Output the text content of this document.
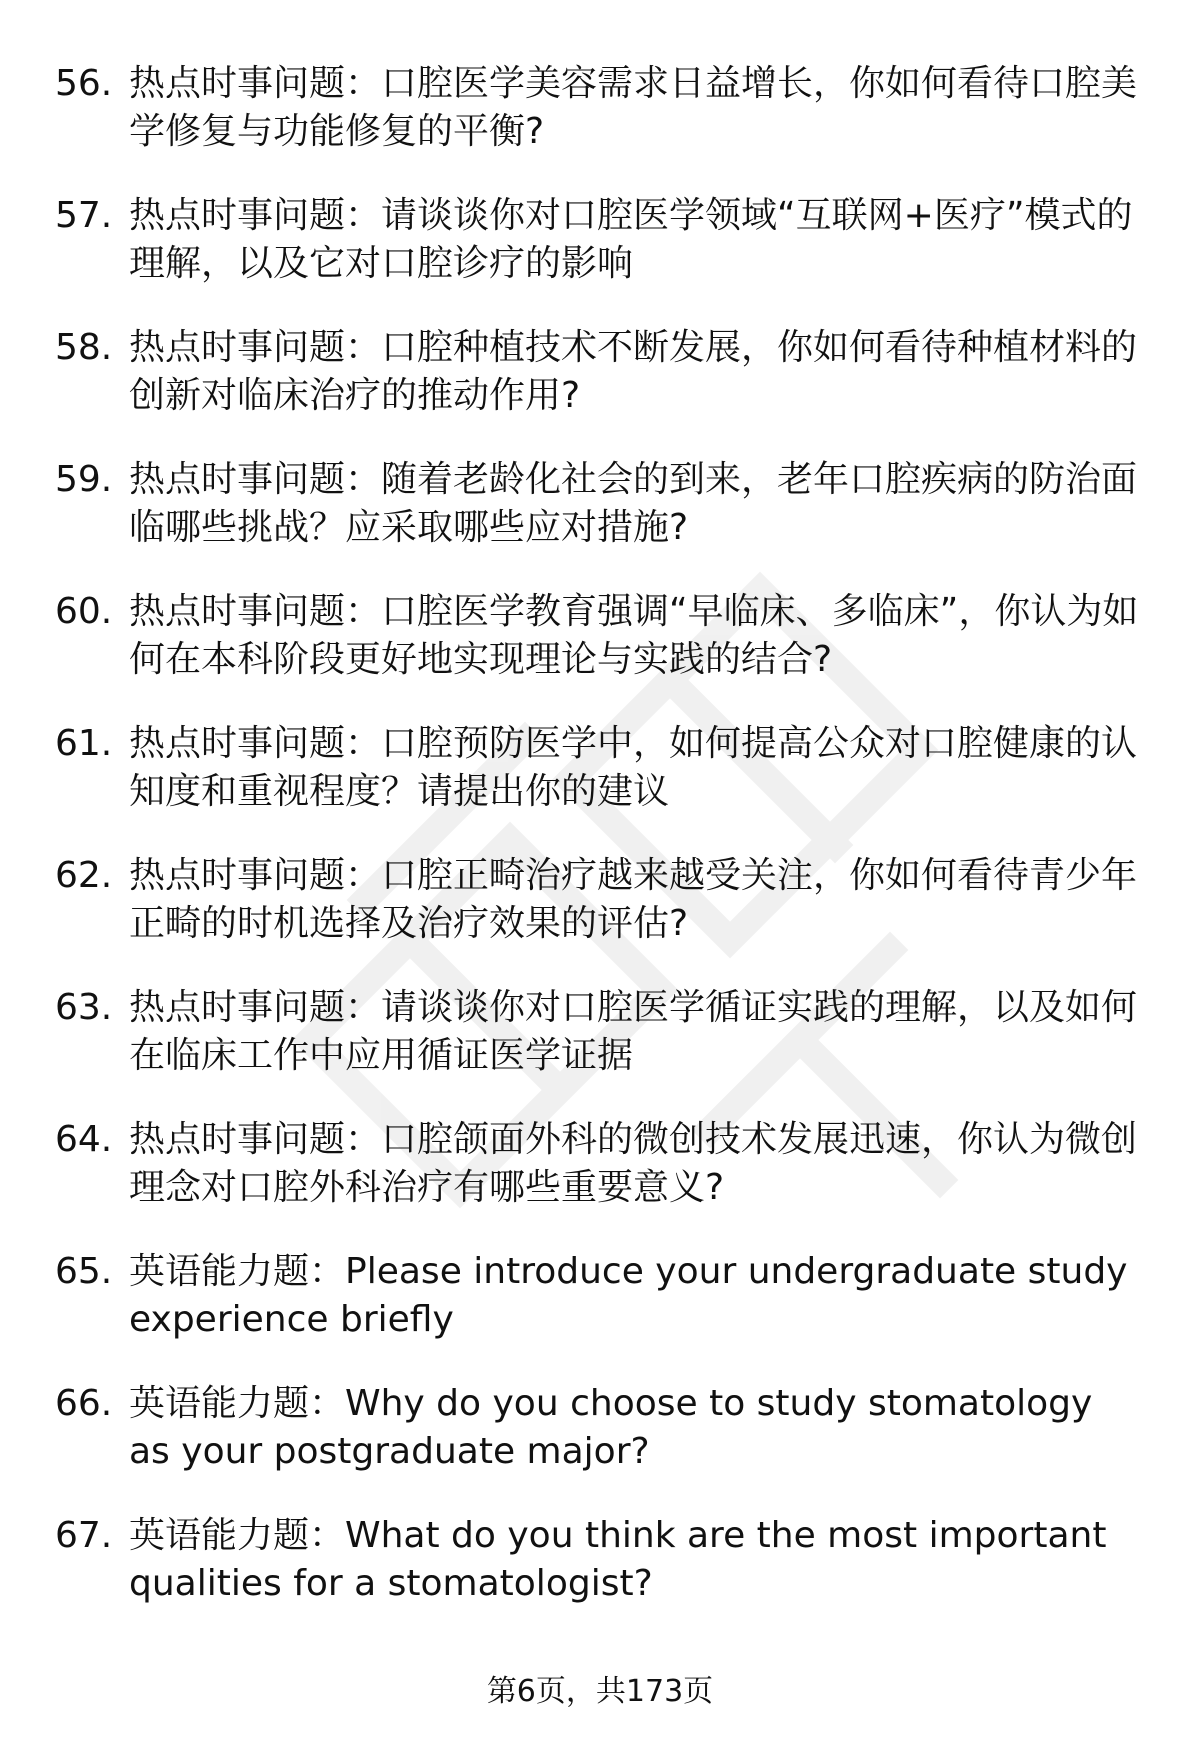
56. 热点时事问题：口腔医学美容需求日益增长，你如何看待口腔美学修复与功能修复的平衡?
57. 热点时事问题：请谈谈你对口腔医学领域“互联网+医疗”模式的理解，以及它对口腔诊疗的影响
58. 热点时事问题：口腔种植技术不断发展，你如何看待种植材料的创新对临床治疗的推动作用?
59. 热点时事问题：随着老龄化社会的到来，老年口腔疾病的防治面临哪些挑战？应采取哪些应对措施?
60. 热点时事问题：口腔医学教育强调“早临床、多临床”，你认为如何在本科阶段更好地实现理论与实践的结合?
61. 热点时事问题：口腔预防医学中，如何提高公众对口腔健康的认知度和重视程度？请提出你的建议
62. 热点时事问题：口腔正畸治疗越来越受关注，你如何看待青少年正畸的时机选择及治疗效果的评估?
63. 热点时事问题：请谈谈你对口腔医学循证实践的理解，以及如何在临床工作中应用循证医学证据
64. 热点时事问题：口腔颌面外科的微创技术发展迅速，你认为微创理念对口腔外科治疗有哪些重要意义?
65. 英语能力题：Please introduce your undergraduate study experience briefly
66. 英语能力题：Why do you choose to study stomatology as your postgraduate major?
67. 英语能力题：What do you think are the most important qualities for a stomatologist?
第6页，共173页
